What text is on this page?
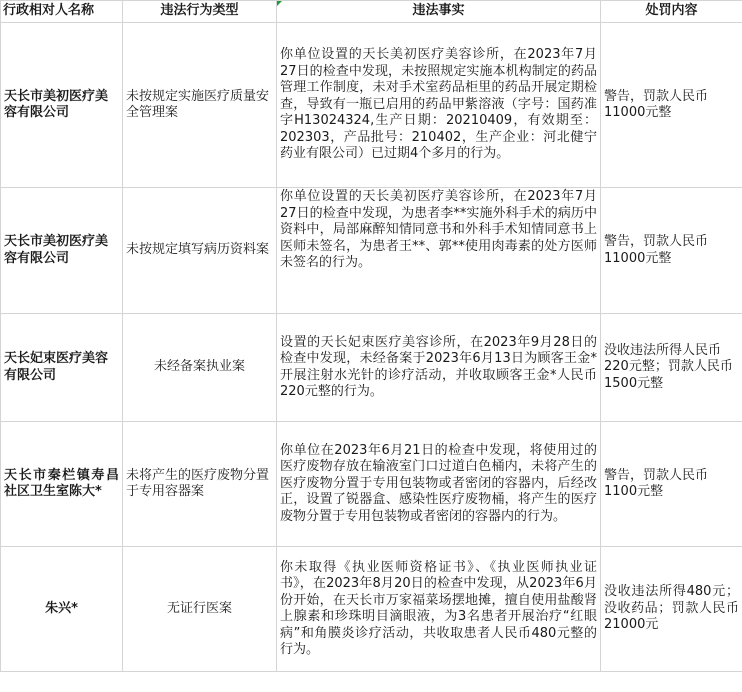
行政相对人名称	违法行为类型	违法事实	处罚内容
天长市美初医疗美容有限公司	未按规定实施医疗质量安全管理案	你单位设置的天长美初医疗美容诊所，在2023年7月27日的检查中发现，未按照规定实施本机构制定的药品管理工作制度，未对手术室药品柜里的药品开展定期检查，导致有一瓶已启用的药品甲紫溶液（字号：国药准字H13024324,生产日期：20210409，有效期至：202303，产品批号：210402，生产企业：河北健宁药业有限公司）已过期4个多月的行为。	警告，罚款人民币11000元整
天长市美初医疗美容有限公司	未按规定填写病历资料案	你单位设置的天长美初医疗美容诊所，在2023年7月27日的检查中发现，为患者李**实施外科手术的病历中资料中，局部麻醉知情同意书和外科手术知情同意书上医师未签名，为患者王**、郭**使用肉毒素的处方医师未签名的行为。	警告，罚款人民币11000元整
天长妃束医疗美容有限公司	未经备案执业案	设置的天长妃束医疗美容诊所，在2023年9月28日的检查中发现，未经备案于2023年6月13日为顾客王金*开展注射水光针的诊疗活动，并收取顾客王金*人民币220元整的行为。	没收违法所得人民币220元整；罚款人民币1500元整
天长市秦栏镇寿昌社区卫生室陈大*	未将产生的医疗废物分置于专用容器案	你单位在2023年6月21日的检查中发现，将使用过的医疗废物存放在输液室门口过道白色桶内，未将产生的医疗废物分置于专用包装物或者密闭的容器内，后经改正，设置了锐器盒、感染性医疗废物桶，将产生的医疗废物分置于专用包装物或者密闭的容器内的行为。	警告，罚款人民币1100元整
朱兴*	无证行医案	你未取得《执业医师资格证书》、《执业医师执业证书》，在2023年8月20日的检查中发现，从2023年6月份开始，在天长市万家福菜场摆地摊，擅自使用盐酸肾上腺素和珍珠明目滴眼液，为3名患者开展治疗“红眼病”和角膜炎诊疗活动，共收取患者人民币480元整的行为。	没收违法所得480元；没收药品；罚款人民币21000元
